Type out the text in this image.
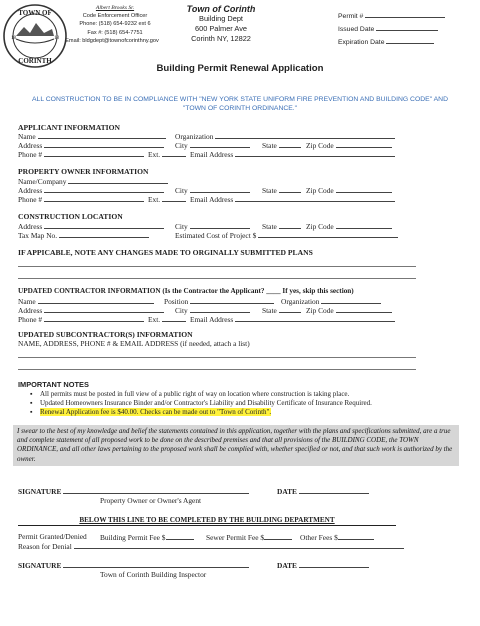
TOWN OF
CORINTH
18	18
Albert Brooks Sr.
Code Enforcement Officer
Phone: (518) 654-9232 ext 6
Fax #: (518) 654-7751
Email: bldgdept@townofcorinthny.gov
Town of Corinth
Building Dept
600 Palmer Ave
Corinth NY, 12822
Permit #
Issued Date
Expiration Date
Building Permit Renewal Application
ALL CONSTRUCTION TO BE IN COMPLIANCE WITH "NEW YORK STATE UNIFORM FIRE PREVENTION AND BUILDING CODE" AND "TOWN OF CORINTH ORDINANCE."
APPLICANT INFORMATION
Name	Organization
Address	City	State	Zip Code
Phone #	Ext.	Email Address
PROPERTY OWNER INFORMATION
Name/Company
Address	City	State	Zip Code
Phone #	Ext.	Email Address
CONSTRUCTION LOCATION
Address	City	State	Zip Code
Tax Map No.	Estimated Cost of Project $
IF APPICABLE, NOTE ANY CHANGES MADE TO ORGINALLY SUBMITTED PLANS
UPDATED CONTRACTOR INFORMATION (Is the Contractor the Applicant? ____ If yes, skip this section)
Name	Position	Organization
Address	City	State	Zip Code
Phone #	Ext.	Email Address
UPDATED SUBCONTRACTOR(S) INFORMATION
NAME, ADDRESS, PHONE # & EMAIL ADDRESS (if needed, attach a list)
IMPORTANT NOTES
▪ All permits must be posted in full view of a public right of way on location where construction is taking place.
▪ Updated Homeowners Insurance Binder and/or Contractor's Liability and Disability Certificate of Insurance Required.
▪ Renewal Application fee is $40.00. Checks can be made out to "Town of Corinth".
I swear to the best of my knowledge and belief the statements contained in this application, together with the plans and specifications submitted, are a true and complete statement of all proposed work to be done on the described premises and that all provisions of the BUILDING CODE, the TOWN ORDINANCE, and all other laws pertaining to the proposed work shall be complied with, whether specified or not, and that such work is authorized by the owner.
SIGNATURE	DATE
Property Owner or Owner's Agent
BELOW THIS LINE TO BE COMPLETED BY THE BUILDING DEPARTMENT
Permit Granted/Denied Building Permit Fee $	Sewer Permit Fee $	Other Fees $
Reason for Denial
SIGNATURE	DATE
Town of Corinth Building Inspector
